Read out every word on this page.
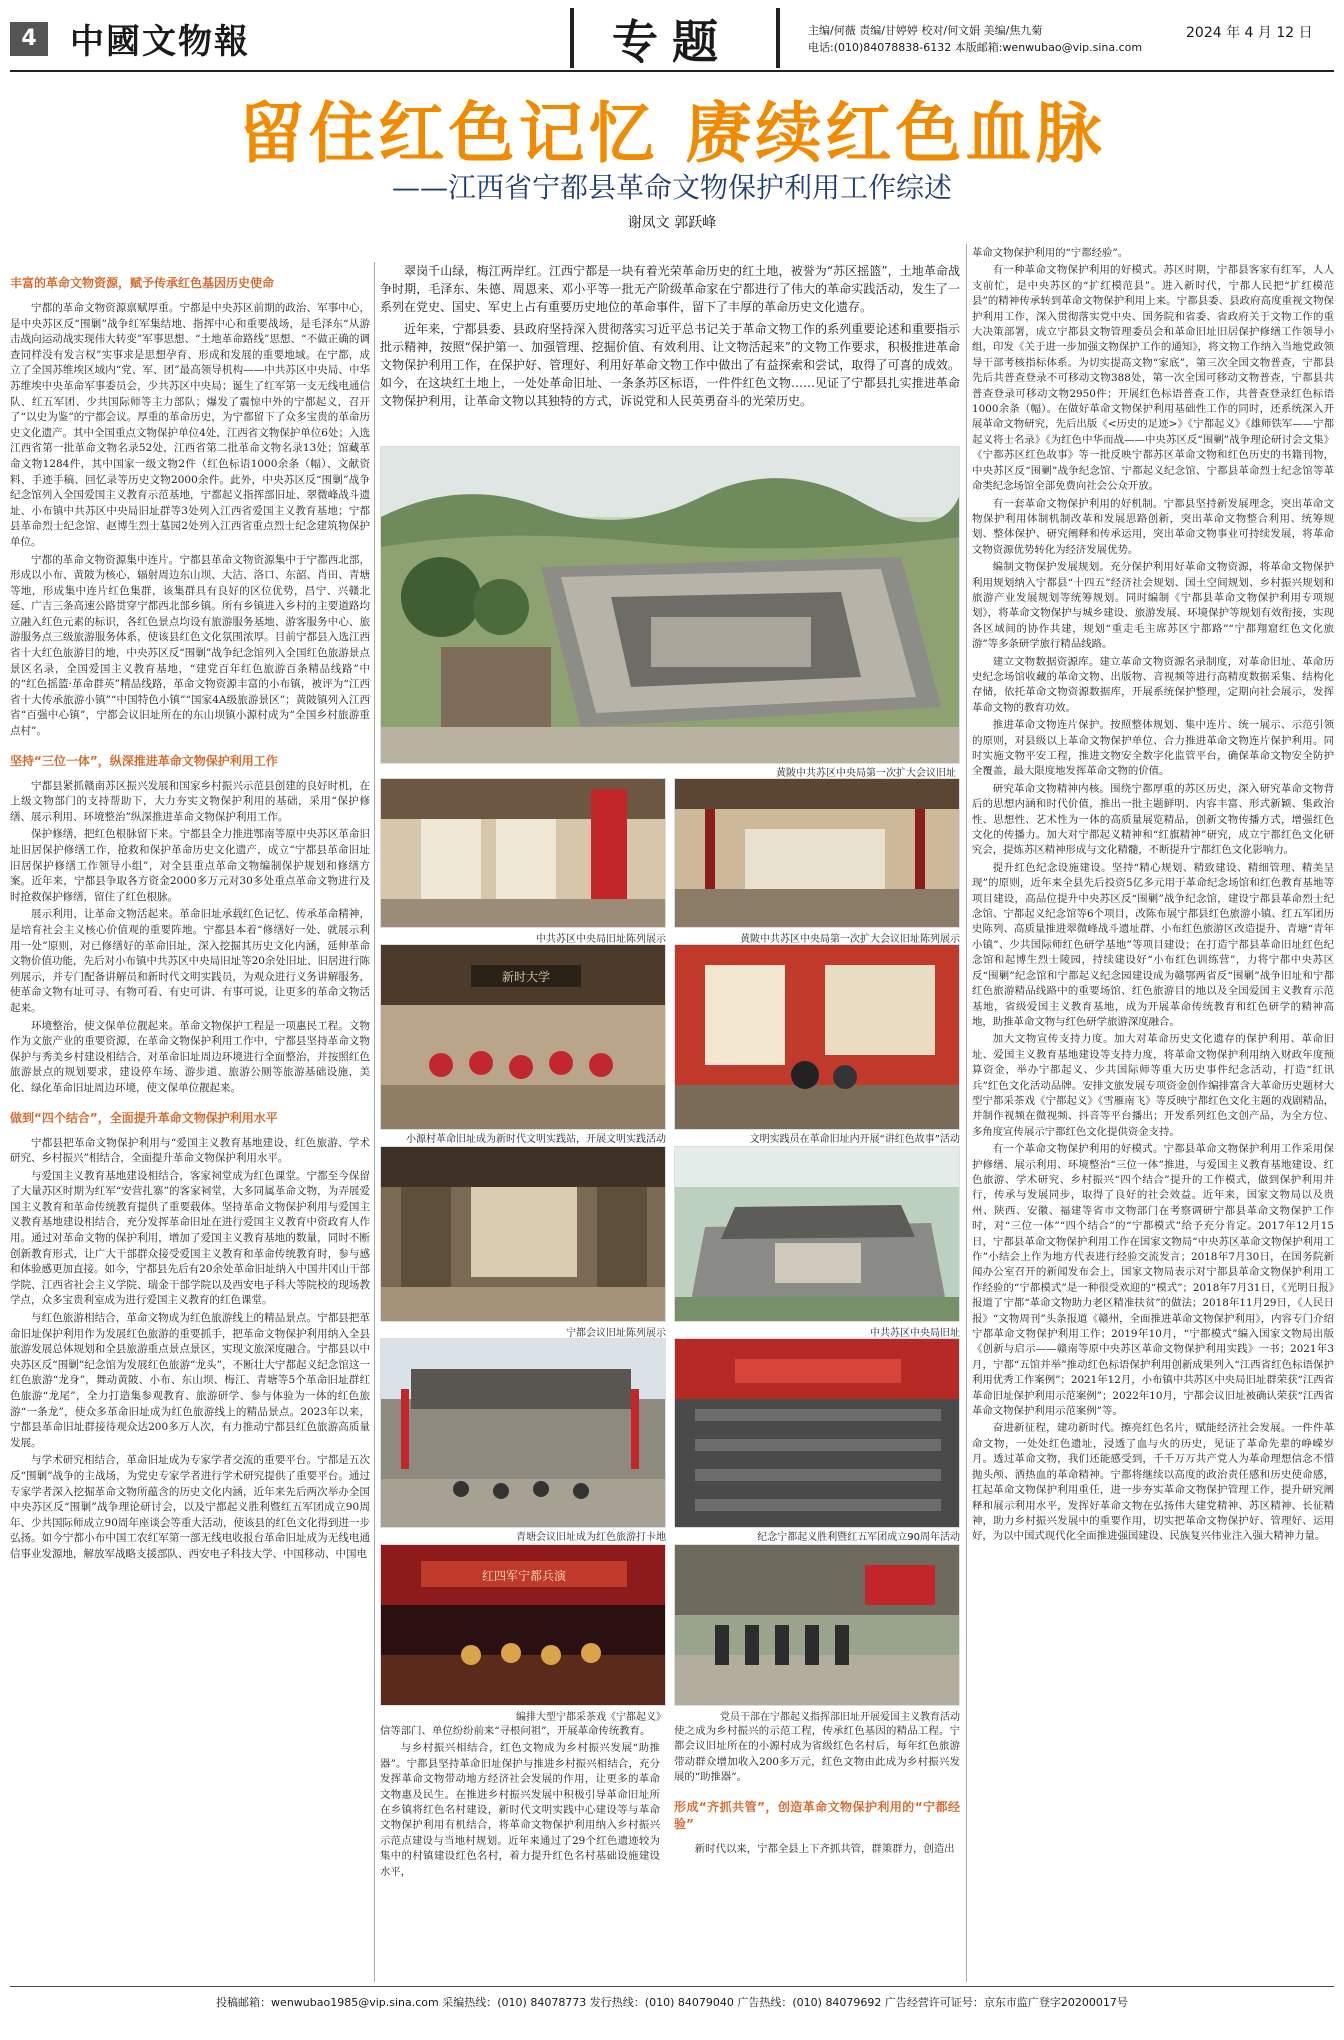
4 中國文物報	专题	主编/何薇 责编/甘婷婷 校对/何文娟 美编/焦九菊
电话:(010)84078838-6132 本版邮箱:wenwubao@vip.sina.com
2024 年 4 月 12 日
留住红色记忆 赓续红色血脉
——江西省宁都县革命文物保护利用工作综述
谢凤文 郭跃峰

翠岗千山绿，梅江两岸红。江西宁都是一块有着光荣革命历史的红土地，被誉为“苏区摇篮”，土地革命战争时期，毛泽东、朱德、周恩来、邓小平等一批无产阶级革命家在宁都进行了伟大的革命实践活动，发生了一系列在党史、国史、军史上占有重要历史地位的革命事件，留下了丰厚的革命历史文化遗存。

近年来，宁都县委、县政府坚持深入贯彻落实习近平总书记关于革命文物工作的系列重要论述和重要指示批示精神，按照“保护第一、加强管理、挖掘价值、有效利用、让文物活起来”的文物工作要求，积极推进革命文物保护利用工作，在保护好、管理好、利用好革命文物工作中做出了有益探索和尝试，取得了可喜的成效。如今，在这块红土地上，一处处革命旧址、一条条苏区标语，一件件红色文物……见证了宁都县扎实推进革命文物保护利用，让革命文物以其独特的方式，诉说党和人民英勇奋斗的光荣历史。

丰富的革命文物资源，赋予传承红色基因历史使命

宁都的革命文物资源禀赋厚重。宁都是中央苏区前期的政治、军事中心，是中央苏区反“围剿”战争红军集结地、指挥中心和重要战场，是毛泽东“从游击战向运动战实现伟大转变”军事思想、“土地革命路线”思想、“不做正确的调查同样没有发言权”实事求是思想孕育、形成和发展的重要地域。在宁都，成立了全国苏维埃区域内“党、军、团”最高领导机构——中共苏区中央局、中华苏维埃中央革命军事委员会，少共苏区中央局；诞生了红军第一支无线电通信队、红五军团、少共国际师等主力部队；爆发了震惊中外的宁都起义，召开了“以史为鉴”的宁都会议。厚重的革命历史，为宁都留下了众多宝贵的革命历史文化遗产。其中全国重点文物保护单位4处，江西省文物保护单位6处；入选江西省第一批革命文物名录52处，江西省第二批革命文物名录13处；馆藏革命文物1284件，其中国家一级文物2件（红色标语1000余条（幅）、文献资料、手迹手稿、回忆录等历史文物2000余件。此外，中央苏区反“围剿”战争纪念馆列入全国爱国主义教育示范基地，宁都起义指挥部旧址、翠微峰战斗遗址、小布镇中共苏区中央局旧址群等3处列入江西省爱国主义教育基地；宁都县革命烈士纪念馆、赵博生烈士墓园2处列入江西省重点烈士纪念建筑物保护单位。

宁都的革命文物资源集中连片。宁都县革命文物资源集中于宁都西北部，形成以小布、黄陂为核心，辐射周边东山坝、大沽、洛口、东韶、肖田、青塘等地，形成集中连片红色集群，该集群具有良好的区位优势，昌宁、兴赣北延、广吉三条高速公路贯穿宁都西北部乡镇。所有乡镇进入乡村的主要道路均立融入红色元素的标识，各红色景点均设有旅游服务基地、游客服务中心、旅游服务点三级旅游服务体系，使该县红色文化氛围浓厚。目前宁都县入选江西省十大红色旅游目的地，中央苏区反“围剿”战争纪念馆列入全国红色旅游景点景区名录，全国爱国主义教育基地，“建党百年红色旅游百条精品线路”中的“红色摇篮·革命群英”精品线路，革命文物资源丰富的小布镇，被评为“江西省十大传承旅游小镇”“中国特色小镇”“国家4A级旅游景区”；黄陂镇列入江西省“百强中心镇”，宁都会议旧址所在的东山坝镇小源村成为“全国乡村旅游重点村”。

坚持“三位一体”，纵深推进革命文物保护利用工作

宁都县紧抓赣南苏区振兴发展和国家乡村振兴示范县创建的良好时机，在上级文物部门的支持帮助下，大力夯实文物保护利用的基础，采用“保护修缮、展示利用、环境整治”纵深推进革命文物保护利用工作。

保护修缮，把红色根脉留下来。宁都县全力推进鄂南等原中央苏区革命旧址旧居保护修缮工作，抢救和保护革命历史文化遗产，成立“宁都县革命旧址旧居保护修缮工作领导小组”，对全县重点革命文物编制保护规划和修缮方案。近年来，宁都县争取各方资金2000多万元对30多处重点革命文物进行及时抢救保护修缮，留住了红色根脉。

展示利用，让革命文物活起来。革命旧址承载红色记忆、传承革命精神，是培育社会主义核心价值观的重要阵地。宁都县本着“修缮好一处、就展示利用一处”原则，对已修缮好的革命旧址，深入挖掘其历史文化内涵，延伸革命文物价值功能，先后对小布镇中共苏区中央局旧址等20余处旧址、旧居进行陈列展示，并专门配备讲解员和新时代文明实践员，为观众进行义务讲解服务，使革命文物有址可寻、有物可看、有史可讲、有事可说，让更多的革命文物活起来。

环境整治，使文保单位靓起来。革命文物保护工程是一项惠民工程。文物作为文旅产业的重要资源，在革命文物保护利用工作中，宁都县坚持革命文物保护与秀美乡村建设相结合，对革命旧址周边环境进行全面整治，并按照红色旅游景点的规划要求，建设停车场、游步道、旅游公厕等旅游基础设施，美化、绿化革命旧址周边环境，使文保单位靓起来。

做到“四个结合”，全面提升革命文物保护利用水平

宁都县把革命文物保护利用与“爱国主义教育基地建设、红色旅游、学术研究、乡村振兴”相结合，全面提升革命文物保护利用水平。

与爱国主义教育基地建设相结合，客家祠堂成为红色课堂。宁都至今保留了大量苏区时期为红军“安营扎寨”的客家祠堂，大多同属革命文物，为弄展爱国主义教育和革命传统教育提供了重要载体。坚持革命文物保护利用与爱国主义教育基地建设相结合，充分发挥革命旧址在进行爱国主义教育中资政育人作用。通过对革命文物的保护利用，增加了爱国主义教育基地的数量，同时不断创新教育形式，让广大干部群众接受爱国主义教育和革命传统教育时，参与感和体验感更加直接。如今，宁都县先后有20余处革命旧址纳入中国井冈山干部学院、江西省社会主义学院、瑞金干部学院以及西安电子科大等院校的现场教学点，众多宝贵利室成为进行爱国主义教育的红色课堂。

与红色旅游相结合，革命文物成为红色旅游线上的精品景点。宁都县把革命旧址保护利用作为发展红色旅游的重要抓手，把革命文物保护利用纳入全县旅游发展总体规划和全县旅游重点景点景区，实现文旅深度融合。宁都县以中央苏区反“围剿”纪念馆为发展红色旅游“龙头”，不断壮大宁都起义纪念馆这一红色旅游“龙身”，舞动黄陂、小布、东山坝、梅江、青塘等5个革命旧址群红色旅游“龙尾”，全力打造集参观教育、旅游研学、参与体验为一体的红色旅游“一条龙”，使众多革命旧址成为红色旅游线上的精品景点。2023年以来，宁都县革命旧址群接待观众达200多万人次，有力推动宁都县红色旅游高质量发展。

与学术研究相结合，革命旧址成为专家学者交流的重要平台。宁都是五次反“围剿”战争的主战场，为党史专家学者进行学术研究提供了重要平台。通过专家学者深入挖掘革命文物所蕴含的历史文化内涵，近年来先后两次举办全国中央苏区反“围剿”战争理论研讨会，以及宁都起义胜利暨红五军团成立90周年、少共国际师成立90周年座谈会等重大活动，使该县的红色文化得到进一步弘扬。如今宁都小布中国工农红军第一部无线电收报台革命旧址成为无线电通信事业发源地，解放军战略支援部队、西安电子科技大学、中国移动、中国电

革命文物保护利用的“宁都经验”。

有一种革命文物保护利用的好模式。苏区时期，宁都县客家有红军，人人支前忙，是中央苏区的“扩红模范县”。进入新时代，宁都人民把“扩红模范县”的精神传承转到革命文物保护利用上来。宁都县委、县政府高度重视文物保护利用工作，深入贯彻落实党中央、国务院和省委、省政府关于文物工作的重大决策部署，成立宁都县文物管理委员会和革命旧址旧居保护修缮工作领导小组，印发《关于进一步加强文物保护工作的通知》，将文物工作纳入当地党政领导干部考核指标体系。为切实提高文物“家底”，第三次全国文物普查，宁都县先后共普查登录不可移动文物388处，第一次全国可移动文物普查，宁都县共普查登录可移动文物2950件；开展红色标语普查工作，共普查登录红色标语1000余条（幅）。在做好革命文物保护利用基础性工作的同时，还系统深入开展革命文物研究，先后出版《<历史的足迹>》《宁都起义》《雄师铁军——宁都起义将士名录》《为红色中华而战——中央苏区反“围剿”战争理论研讨会文集》《宁都苏区红色故事》等一批反映宁都苏区革命文物和红色历史的书籍刊物，中央苏区反“围剿”战争纪念馆、宁都起义纪念馆、宁都县革命烈士纪念馆等革命类纪念场馆全部免费向社会公众开放。

有一套革命文物保护利用的好机制。宁都县坚持新发展理念，突出革命文物保护利用体制机制改革和发展思路创新，突出革命文物整合利用、统筹规划、整体保护、研究阐释和传承运用，突出革命文物事业可持续发展，将革命文物资源优势转化为经济发展优势。

编制文物保护发展规划。充分保护利用好革命文物资源，将革命文物保护利用规划纳入宁都县“十四五”经济社会规划、国土空间规划、乡村振兴规划和旅游产业发展规划等统筹规划。同时编制《宁都县革命文物保护利用专项规划》，将革命文物保护与城乡建设、旅游发展、环境保护等规划有效衔接，实现各区域间的协作共建，规划“重走毛主席苏区宁都路”“宁都翔窟红色文化旅游”等多条研学旅行精品线路。

建立文物数据资源库。建立革命文物资源名录制度，对革命旧址、革命历史纪念场馆收藏的革命文物、出版物、音视频等进行高精度数据采集、结构化存储，依托革命文物资源数据库，开展系统保护整理，定期向社会展示，发挥革命文物的教育功效。

推进革命文物连片保护。按照整体规划、集中连片、统一展示、示范引领的原则，对县级以上革命文物保护单位、合力推进革命文物连片保护利用。同时实施文物平安工程，推进文物安全数字化监管平台，确保革命文物安全防护全覆盖，最大限度地发挥革命文物的价值。

研究革命文物精神内核。围绕宁都厚重的苏区历史，深入研究革命文物背后的思想内涵和时代价值，推出一批主题鲜明、内容丰富、形式新颖、集政治性、思想性、艺术性为一体的高质量展览精品，创新文物传播方式，增强红色文化的传播力。加大对宁都起义精神和“红旗精神”研究，成立宁都红色文化研究会，提炼苏区精神形成与文化精髓，不断提升宁都红色文化影响力。

提升红色纪念设施建设。坚持“精心规划、精致建设、精细管理、精美呈现”的原则，近年来全县先后投资5亿多元用于革命纪念场馆和红色教育基地等项目建设，高品位提升中央苏区反“围剿”战争纪念馆，建设宁都县革命烈士纪念馆、宁都起义纪念馆等6个项目，改陈布展宁都县红色旅游小镇、红五军团历史陈列、高质量推进翠微峰战斗遗址群、小布红色旅游区改造提升、青塘“青年小镇”、少共国际师红色研学基地”等项目建设；在打造宁都县革命旧址红色纪念馆和起博生烈士陵园，持续建设好“小布红色训练营”，力将宁都中央苏区反“围剿”纪念馆和宁都起义纪念园建设成为赣鄂两省反“围剿”战争旧址和宁都红色旅游精品线路中的重要场馆、红色旅游目的地以及全国爱国主义教育示范基地，省级爱国主义教育基地，成为开展革命传统教育和红色研学的精神高地，助推革命文物与红色研学旅游深度融合。

加大文物宣传支持力度。加大对革命历史文化遗存的保护利用、革命旧址、爱国主义教育基地建设等支持力度，将革命文物保护利用纳入财政年度预算资金，举办宁都起义、少共国际师等重大历史事件纪念活动，打造“红讯兵”红色文化活动品牌。安排文旅发展专项资金创作编排富含大革命历史题材大型宁都采茶戏《宁都起义》《雪雁南飞》等反映宁都红色文化主题的戏剧精品，并制作视频在微视频、抖音等平台播出；开发系列红色文创产品，为全方位、多角度宣传展示宁都红色文化提供资金支持。

有一个革命文物保护利用的好模式。宁都县革命文物保护利用工作采用保护修缮、展示利用、环境整治“三位一体”推进，与爱国主义教育基地建设、红色旅游、学术研究、乡村振兴“四个结合”提升的工作模式，做到保护利用并行，传承与发展同步，取得了良好的社会效益。近年来，国家文物局以及贵州、陕西、安徽、福建等省市文物部门在考察调研宁都县革命文物保护工作时，对“三位一体”“四个结合”的“宁都模式”给予充分肯定。2017年12月15日，宁都县革命文物保护利用工作在国家文物局“中央苏区革命文物保护利用工作”小结会上作为地方代表进行经验交流发言；2018年7月30日，在国务院新闻办公室召开的新闻发布会上，国家文物局表示对宁都县革命文物保护利用工作经验的“宁都模式”是一种很受欢迎的“模式”；2018年7月31日，《光明日报》报道了宁都“革命文物助力老区精准扶贫”的做法；2018年11月29日，《人民日报》“文物周刊”头条报道《赣州，全面推进革命文物保护利用》，内容专门介绍宁都革命文物保护利用工作；2019年10月，“宁都模式”编入国家文物局出版《创新与启示——赣南等原中央苏区革命文物保护利用实践》一书；2021年3月，宁都“五馆并举”推动红色标语保护利用创新成果列入“江西省红色标语保护利用优秀工作案例”；2021年12月，小布镇中共苏区中央局旧址群荣获“江西省革命旧址保护利用示范案例”；2022年10月，宁都会议旧址被确认荣获“江西省革命文物保护利用示范案例”等。

奋进新征程，建功新时代。擦亮红色名片，赋能经济社会发展。一件件革命文物，一处处红色遗址，浸透了血与火的历史，见证了革命先辈的峥嵘岁月。透过革命文物，我们还能感受到，千千万万共产党人为革命理想信念不惜抛头颅、洒热血的革命精神。宁都将继续以高度的政治责任感和历史使命感，扛起革命文物保护利用重任，进一步夯实革命文物保护管理工作，提升研究阐释和展示利用水平，发挥好革命文物在弘扬伟大建党精神、苏区精神、长征精神，助力乡村振兴发展中的重要作用，切实把革命文物保护好、管理好、运用好，为以中国式现代化全面推进强国建设、民族复兴伟业注入强大精神力量。

黄陂中共苏区中央局第一次扩大会议旧址
中共苏区中央局旧址陈列展示	黄陂中共苏区中央局第一次扩大会议旧址陈列展示
新时大学
小源村革命旧址成为新时代文明实践站，开展文明实践活动	文明实践员在革命旧址内开展“讲红色故事”活动
宁都会议旧址陈列展示	中共苏区中央局旧址
青塘会议旧址成为红色旅游打卡地	纪念宁都起义胜利暨红五军团成立90周年活动
红四军宁都兵演
编排大型宁都采茶戏《宁都起义》	党员干部在宁都起义指挥部旧址开展爱国主义教育活动

信等部门、单位纷纷前来“寻根问祖”，开展革命传统教育。

与乡村振兴相结合，红色文物成为乡村振兴发展“助推器”。宁都县坚持革命旧址保护与推进乡村振兴相结合，充分发挥革命文物带动地方经济社会发展的作用，让更多的革命文物惠及民生。在推进乡村振兴发展中积极引导革命旧址所在乡镇将红色名村建设，新时代文明实践中心建设等与革命文物保护利用有机结合，将革命文物保护利用纳入乡村振兴示范点建设与当地村规划。近年来通过了29个红色遗迹较为集中的村镇建设红色名村，着力提升红色名村基础设施建设水平，

使之成为乡村振兴的示范工程，传承红色基因的精品工程。宁都会议旧址所在的小源村成为省级红色名村后，每年红色旅游带动群众增加收入200多万元，红色文物由此成为乡村振兴发展的“助推器”。

形成“齐抓共管”，创造革命文物保护利用的“宁都经验”

新时代以来，宁都全县上下齐抓共管，群策群力，创造出

投稿邮箱：wenwubao1985@vip.sina.com 采编热线：(010) 84078773 发行热线：(010) 84079040 广告热线：(010) 84079692 广告经营许可证号：京东市监广登字20200017号
